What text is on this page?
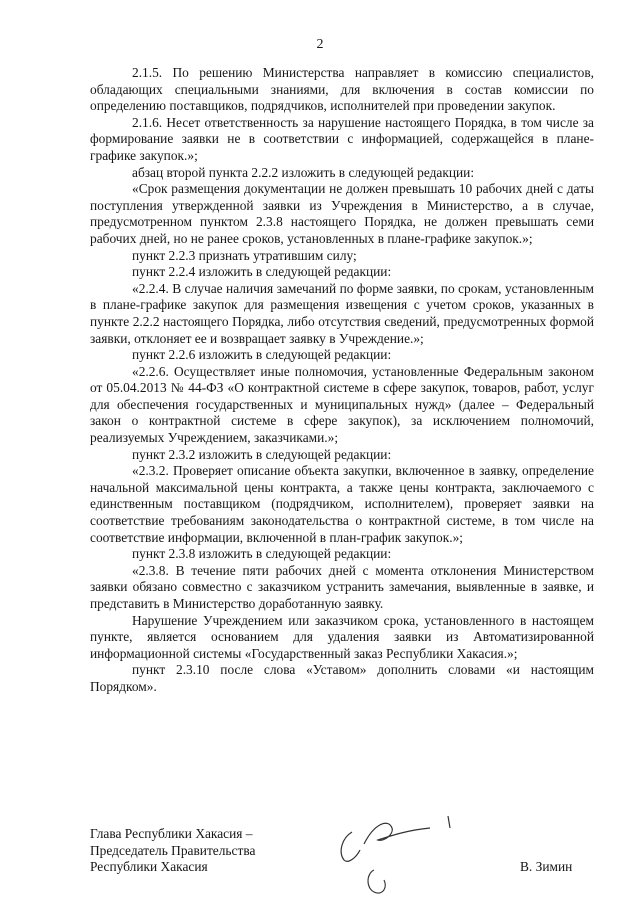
2

2.1.5. По решению Министерства направляет в комиссию специалистов, обладающих специальными знаниями, для включения в состав комиссии по определению поставщиков, подрядчиков, исполнителей при проведении закупок.

2.1.6. Несет ответственность за нарушение настоящего Порядка, в том числе за формирование заявки не в соответствии с информацией, содержащейся в плане-графике закупок.»;

абзац второй пункта 2.2.2 изложить в следующей редакции:

«Срок размещения документации не должен превышать 10 рабочих дней с даты поступления утвержденной заявки из Учреждения в Министерство, а в случае, предусмотренном пунктом 2.3.8 настоящего Порядка, не должен превышать семи рабочих дней, но не ранее сроков, установленных в плане-графике закупок.»;

пункт 2.2.3 признать утратившим силу;

пункт 2.2.4 изложить в следующей редакции:

«2.2.4. В случае наличия замечаний по форме заявки, по срокам, установленным в плане-графике закупок для размещения извещения с учетом сроков, указанных в пункте 2.2.2 настоящего Порядка, либо отсутствия сведений, предусмотренных формой заявки, отклоняет ее и возвращает заявку в Учреждение.»;

пункт 2.2.6 изложить в следующей редакции:

«2.2.6. Осуществляет иные полномочия, установленные Федеральным законом от 05.04.2013 № 44-ФЗ «О контрактной системе в сфере закупок, товаров, работ, услуг для обеспечения государственных и муниципальных нужд» (далее – Федеральный закон о контрактной системе в сфере закупок), за исключением полномочий, реализуемых Учреждением, заказчиками.»;

пункт 2.3.2 изложить в следующей редакции:

«2.3.2. Проверяет описание объекта закупки, включенное в заявку, определение начальной максимальной цены контракта, а также цены контракта, заключаемого с единственным поставщиком (подрядчиком, исполнителем), проверяет заявки на соответствие требованиям законодательства о контрактной системе, в том числе на соответствие информации, включенной в план-график закупок.»;

пункт 2.3.8 изложить в следующей редакции:

«2.3.8. В течение пяти рабочих дней с момента отклонения Министерством заявки обязано совместно с заказчиком устранить замечания, выявленные в заявке, и представить в Министерство доработанную заявку.

Нарушение Учреждением или заказчиком срока, установленного в настоящем пункте, является основанием для удаления заявки из Автоматизированной информационной системы «Государственный заказ Республики Хакасия.»;

пункт 2.3.10 после слова «Уставом» дополнить словами «и настоящим Порядком».

Глава Республики Хакасия –
Председатель Правительства
Республики Хакасия	В. Зимин
